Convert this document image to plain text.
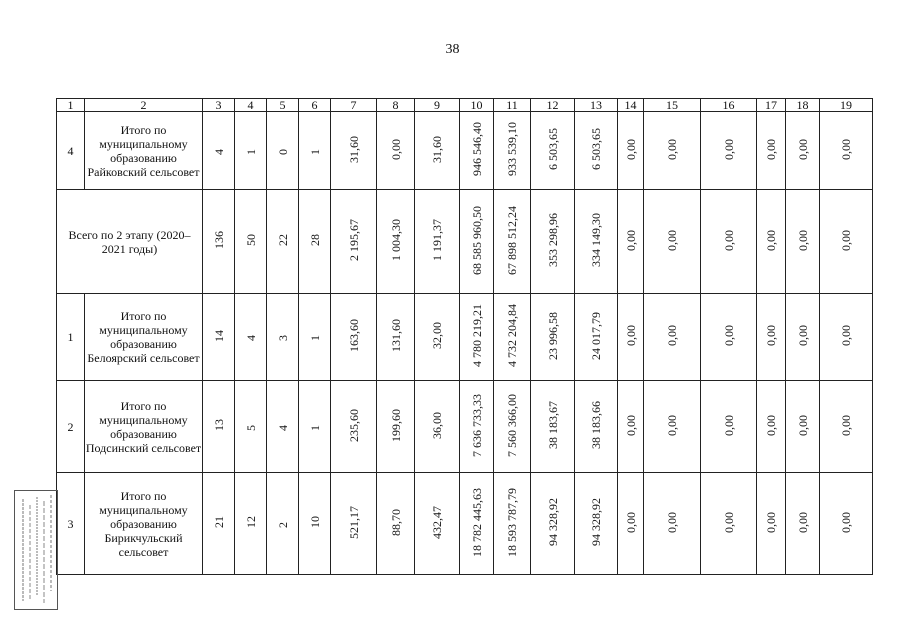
38
1	2	3	4	5	6	7	8	9	10	11	12	13	14	15	16	17	18	19
4	Итого по муниципальному образованию Райковский сельсовет	4	1	0	1	31,60	0,00	31,60	946 546,40	933 539,10	6 503,65	6 503,65	0,00	0,00	0,00	0,00	0,00	0,00
Всего по 2 этапу (2020–2021 годы)		136	50	22	28	2 195,67	1 004,30	1 191,37	68 585 960,50	67 898 512,24	353 298,96	334 149,30	0,00	0,00	0,00	0,00	0,00	0,00
1	Итого по муниципальному образованию Белоярский сельсовет	14	4	3	1	163,60	131,60	32,00	4 780 219,21	4 732 204,84	23 996,58	24 017,79	0,00	0,00	0,00	0,00	0,00	0,00
2	Итого по муниципальному образованию Подсинский сельсовет	13	5	4	1	235,60	199,60	36,00	7 636 733,33	7 560 366,00	38 183,67	38 183,66	0,00	0,00	0,00	0,00	0,00	0,00
3	Итого по муниципальному образованию Бирикчульский сельсовет	21	12	2	10	521,17	88,70	432,47	18 782 445,63	18 593 787,79	94 328,92	94 328,92	0,00	0,00	0,00	0,00	0,00	0,00
